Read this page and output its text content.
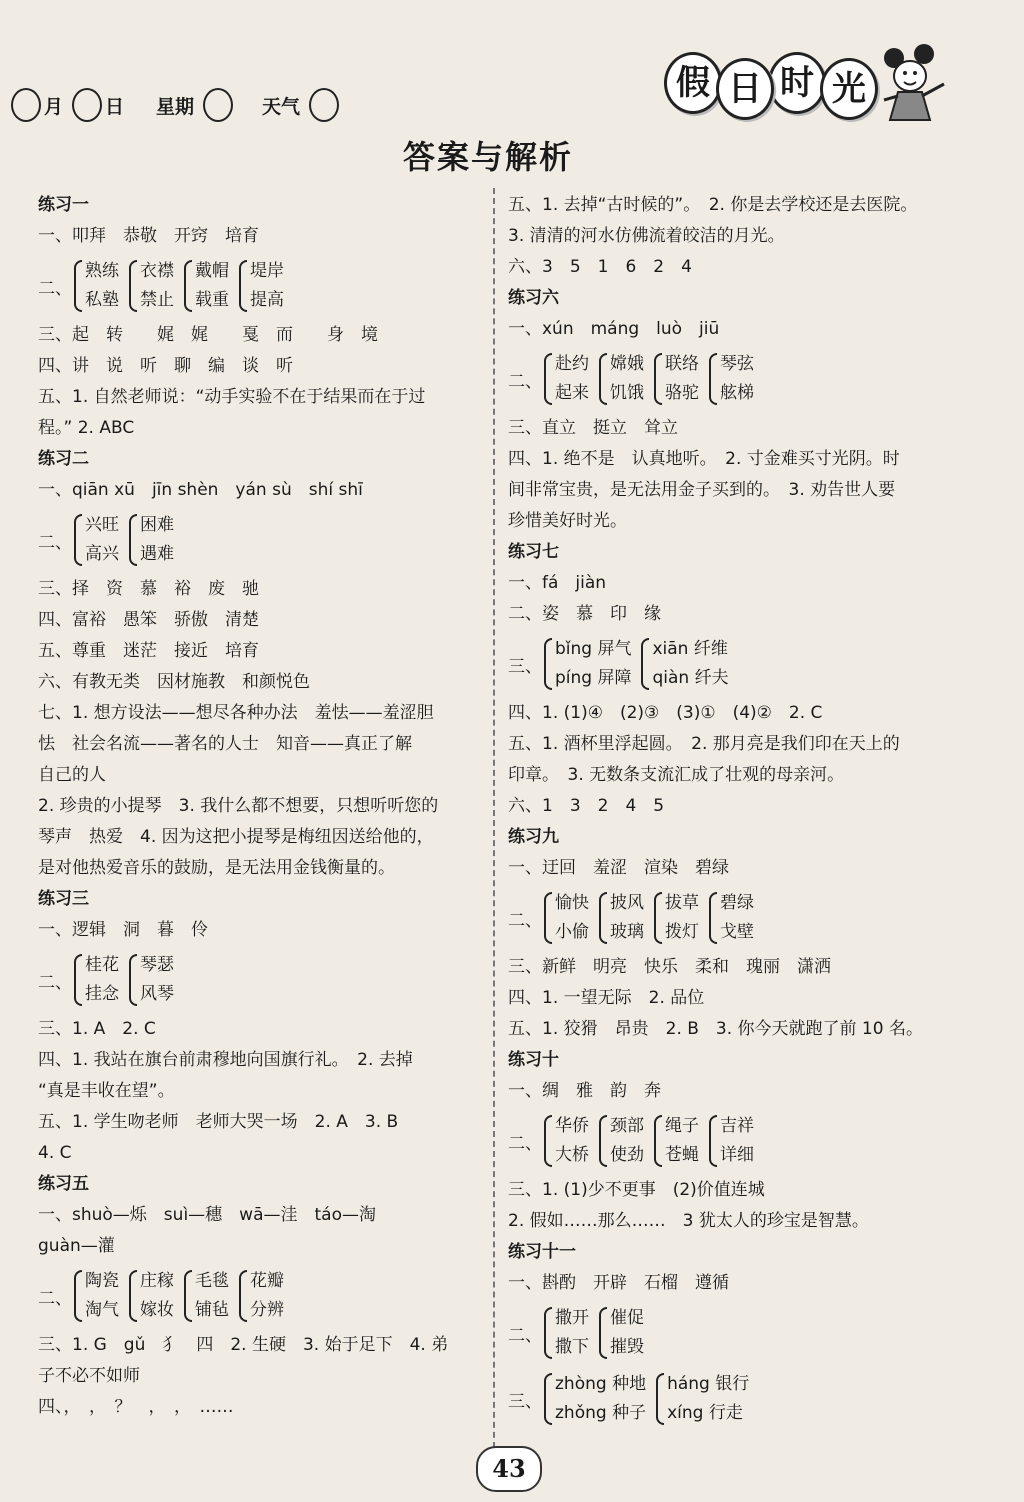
月 日 星期	天气
假 日 时 光
答案与解析
练习一
一、叩拜　恭敬　开窍　培育
二、
熟练
私塾
衣襟
禁止
戴帽
载重
堤岸
提高
三、起　转　　娓　娓　　戛　而　　身　境
四、讲　说　听　聊　编　谈　听
五、1. 自然老师说：“动手实验不在于结果而在于过
程。” 2. ABC
练习二
一、qiān xū　jīn shèn　yán sù　shí shī
二、
兴旺
高兴
困难
遇难
三、择　资　慕　裕　废　驰
四、富裕　愚笨　骄傲　清楚
五、尊重　迷茫　接近　培育
六、有教无类　因材施教　和颜悦色
七、1. 想方设法——想尽各种办法　羞怯——羞涩胆
怯　社会名流——著名的人士　知音——真正了解
自己的人
2. 珍贵的小提琴　3. 我什么都不想要，只想听听您的
琴声　热爱　4. 因为这把小提琴是梅纽因送给他的，
是对他热爱音乐的鼓励，是无法用金钱衡量的。
练习三
一、逻辑　洞　暮　伶
二、
桂花
挂念
琴瑟
风琴
三、1. A　2. C
四、1. 我站在旗台前肃穆地向国旗行礼。　2. 去掉
“真是丰收在望”。
五、1. 学生吻老师　老师大哭一场　2. A　3. B
4. C
练习五
一、shuò—烁　suì—穗　wā—洼　táo—淘
guàn—灌
二、
陶瓷
淘气
庄稼
嫁妆
毛毯
铺毡
花瓣
分辨
三、1. G　gǔ　犭　四　2. 生硬　3. 始于足下　4. 弟
子不必不如师
四、，　，　？　，　，　……
五、1. 去掉“古时候的”。　2. 你是去学校还是去医院。
3. 清清的河水仿佛流着皎洁的月光。
六、3　5　1　6　2　4
练习六
一、xún　máng　luò　jiū
二、
赴约
起来
嫦娥
饥饿
联络
骆驼
琴弦
舷梯
三、直立　挺立　耸立
四、1. 绝不是　认真地听。　2. 寸金难买寸光阴。时
间非常宝贵，是无法用金子买到的。　3. 劝告世人要
珍惜美好时光。
练习七
一、fá　jiàn
二、姿　慕　印　缘
三、
bǐng 屏气
píng 屏障
xiān 纤维
qiàn 纤夫
四、1. (1)④　(2)③　(3)①　(4)②　2. C
五、1. 酒杯里浮起圆。　2. 那月亮是我们印在天上的
印章。　3. 无数条支流汇成了壮观的母亲河。
六、1　3　2　4　5
练习九
一、迂回　羞涩　渲染　碧绿
二、
愉快
小偷
披风
玻璃
拔草
拨灯
碧绿
戈壁
三、新鲜　明亮　快乐　柔和　瑰丽　潇洒
四、1. 一望无际　2. 品位
五、1. 狡猾　昂贵　2. B　3. 你今天就跑了前 10 名。
练习十
一、绸　雅　韵　奔
二、
华侨
大桥
颈部
使劲
绳子
苍蝇
吉祥
详细
三、1. (1)少不更事　(2)价值连城
2. 假如……那么……　3 犹太人的珍宝是智慧。
练习十一
一、斟酌　开辟　石榴　遵循
二、
撒开
撒下
催促
摧毁
三、
zhòng 种地
zhǒng 种子
háng 银行
xíng 行走
43
